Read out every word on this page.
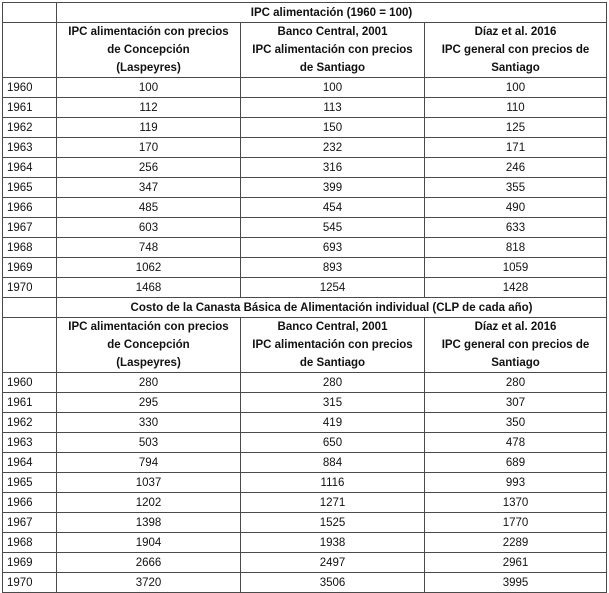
	IPC alimentación (1960 = 100)		

	IPC alimentación con precios
de Concepción
(Laspeyres)	Banco Central, 2001
IPC alimentación con precios
de Santiago	Díaz et al. 2016
IPC general con precios de
Santiago

1960	100	100	100
1961	112	113	110
1962	119	150	125
1963	170	232	171
1964	256	316	246
1965	347	399	355
1966	485	454	490
1967	603	545	633
1968	748	693	818
1969	1062	893	1059
1970	1468	1254	1428
	Costo de la Canasta Básica de Alimentación individual (CLP de cada año)		

	IPC alimentación con precios
de Concepción
(Laspeyres)	Banco Central, 2001
IPC alimentación con precios
de Santiago	Díaz et al. 2016
IPC general con precios de
Santiago

1960	280	280	280
1961	295	315	307
1962	330	419	350
1963	503	650	478
1964	794	884	689
1965	1037	1116	993
1966	1202	1271	1370
1967	1398	1525	1770
1968	1904	1938	2289
1969	2666	2497	2961
1970	3720	3506	3995
